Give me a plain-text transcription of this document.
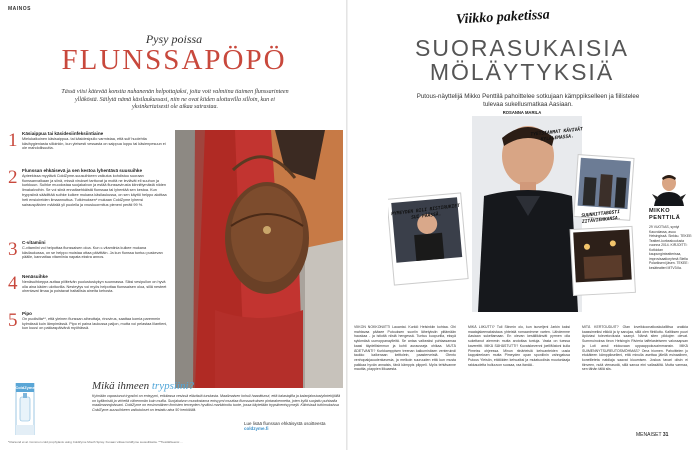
MAINOS
Pysy poissa
FLUNSSAPÖPÖ
Tässä viisi kätevää konstia nuhanenän helpottajaksi, joita voit valmiina tiaimen flunssarinteen ylläköstä. Säilytä nämä käsilaukussasi, niin ne ovat kiiden ulottuvilla silloin, kun ei yksinkertaisesti ole aikaa sairastaa.
1 Käsiaippua tai käsidesiinfeksiintiaine
Mielukaikoinen käsisaippua- tai käsidesipullo varmistaa, että sulf huolehtia käsihygieniasta silloinkin, kun yleisesti vessasta on saippua loppu tai käsienpesuun ei ole mahdollisuutta.
2 Flunssan ehkäisevä ja sen kestoa lyhentävä suusuihke
Apteekissa myytävä ColdZyme-suusuihkeen vaikutus kohdistuu suoraan flunssanvalkaan ja siinä, missä virukset tarttuvat ja moitä ne leviävät eli suuhun ja kurkkuun. Suihke muodostaa suojakalvon ja estää flunssavirusta kiinnittymästä niiden limakalvoihin. Se voi siinä ennaltaehkäistä flunssaa tai lyhentää sen kestoa. Kun tryppsiinä säädittää suihke kulkee mukana käsilaukussa, on sen käyttö helppo aloittaa heti ensioireiden ilmaannuttua. Tutkimuksen* mukaan ColdZyme lyhensi sairauspäivien määrää yli puolella ja vnuskuormitus pieneni peräti 99 %.
3 C-vitamiini
C-vitamiini voi helpottaa flunssaisen oloa. Kun c-vitamiinia kulkee mukana käsilaukussa, on se helppo muistaa ottaa päivittäin. Ja kun flunssa tuntuu puskevan päälle, kannattaa vitamiinia napata ekstra annos.
4 Nenäsuihke
Nenäsuihkeppa auttaa piilitelvän puolustuskykyn suunnassa. Siksi vesipullon on hyvä olla aina käden ulottuvilla. Nesteytys voi myös helpottaa flunssaisen oloa, sillä nesteet ohentavat limaa ja poistavat haitallisia aineita kehosta.
5 Pipo
On puolisilta**, että yleinen flunssan aiheuttaja, rinovirus, saattaa komia paremmin kylmässä kuin lämpimässä. Pipo ei paina laukussa paljon, mutta voi pelastaa lilantieni, kun kuusi on pakkaspäivänä myöhässä.
ColdZyme	Mikä ihmeen trypsiini?
Kylmään vapastunut trypsiini on entsyymi, erikitassa vesissä elävästä turskasta. Maailmaisen kohuli haaoittunut, että kalastajilla ja kalanjalostustyöntekijöillä on kyllämistä ja virheitä vähemmän kuin muilla. Suojakalvon muodostama entsyymi muuttaa flunssaviruksen pintarakennetta, joten kyllä suojattu puhtaalla maalimanrajoissani. ColdZyme on ensimmäinen ihmisten terveyden hyväksi markkinoitu tuote, jossa käytetään trypsiinentsyymejä. Kliinisissä tutkimuksissa ColdZyme-suusuihkeen vaikutukset on testattu aina 50 henkilöllä.
Lue lisää flunssan ehkäisystä osoitteesta coldzyme.fi
*Clarsund et al. Common cold prophylaxis using ColdZyme Mouth Spray. Kuvaan viittaa ColdZyme suusuihketta. **Tietolähteenä: ...
Viikko paketissa
SUORASUKAISIA
MÖLÄYTYKSIÄ
Putous-näyttelijä Mikko Penttilä pahoittelee sotkujaan kämppikselleen ja fiilistelee tulevaa sukellusmatkaa Aasiaan.
ROSANNA MARILA
TYETSIAHMAT KÄVIVÄT KYLÄLEMASSA.
PYMEYDEN BILI RISTIRUKIET SUI PÄÄSSÄ.	SUUNNITTABOSTI ZITÄVIENKANSA.
MIKKO PENTTILÄ
29 VUOTIAS, syntyi Kauvolassa, asuu Helsingissä. Sinkku. TEKEE: Teatteri-korkeakoulusta vuonna 2014. KIRJOITTI: Kotkiolan kaupunginteatterissa, improvisaatioryhmä Stella Polarikseni jäsen. TEKEE: kesäteatteri MTV3:lla.
VIIKON NOKKONIITTI Lauantai. Kurkiö Helsinkiin kohtaa. Ohi mahtavaa pääsee Putouksen suoriin lähetyksiin piitämään hauskaa - ja istioitä niistä hengessä. Tuntuu kuopurilla, eksyä sykkmäsä uumoppanaylleitä. Se antaa vaikeaksi puhtaasamaa kaasi täydellisimmun ja kohti aurausseja ohikaa. MUTÄ ÄDETVANTI? Kurkkamppisen treenan kaikuminäsen venteruindi taukko kaikenaan keittolein, paasterveistä. Olento venhopakjauudenkavesia, ja melkoin suuruuden että kun musta paikkaa hyvän annaisis, tänä kämppis pilppeli. Myös tehtävanne mauttia, piappien liikuaesta.
MIKÄ LIIKUTTI? Tuli Siinmin olo, kun isoveljeni Jarkin kaksi maatajakeenaksistaus yhteistä romaanimme varten. Lähdemme Aasiaan sukeltamaan. En olevan kesäliikänvät pyrmen olla sukeltanut aiemmin mutta arotottaa tuntuja. Vasta on tuessa kavereitti. MIKÄ SÄHÄSTUTTI? Kuvaiskevenni joelliMatoni kulla Pimeiss ohjeessa. Minun riinärteisiä kehuanteiden uusia kappaleeksen mutta Pimeyden opan sponilinin vahngatusa Putous Yleisön, etätöiden kehuaiksi ja mutatuodista muutunlaaja rakkaudelta hulluuvon suosaa, raa itanää..
MITÄ KERTOUDUIT? Olan loveikkoonatkoskulalliitsa urakkia kaassimeiksi elkkiä ja ty sanojaa, sillä olen flintiluttu. Kaltiksen puuri äpöviasi toleveloviiusta saanyt. Nämä siten pikkojen olevat. Summuinoiraa tieon Helsingin Rivieria taffelasteiseen valossapsan ja Loti ansii elokuvaan uppaappokuvaimmansin. MIKÄ SUIMENNYTSUREUTOSMÖHMAS? Oma hiomen. Pahoittelen jo etukäteen kämppikselleni, että minulla asettaa jälellä esinaalinen, koneilleteta natdiaja saavat kiuumisen. Joskus tavari olisin ei tiinveen, nutä vienasotä, sillä sanoa eini vallasäiltä. Mutta varmaa, sen tähän tällä siis.
MENAISET 31
